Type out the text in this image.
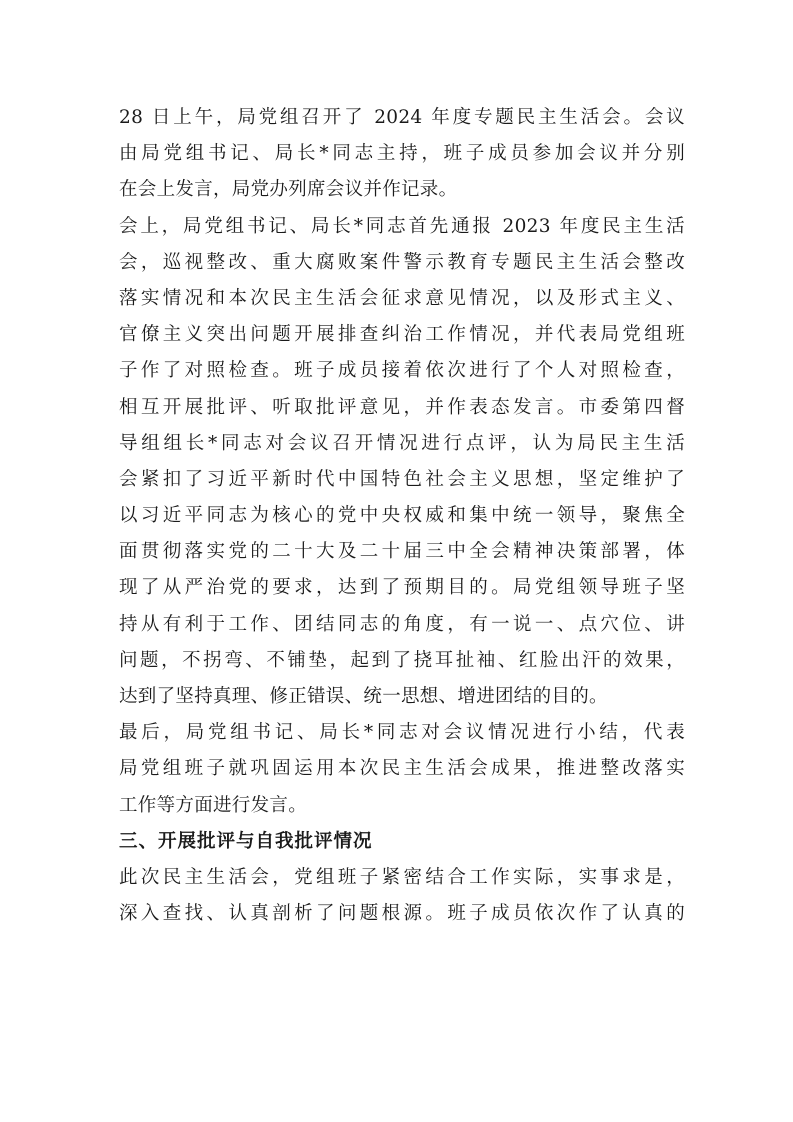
28 日上午，局党组召开了 2024 年度专题民主生活会。会议
由局党组书记、局长*同志主持，班子成员参加会议并分别
在会上发言，局党办列席会议并作记录。
会上，局党组书记、局长*同志首先通报 2023 年度民主生活
会，巡视整改、重大腐败案件警示教育专题民主生活会整改
落实情况和本次民主生活会征求意见情况，以及形式主义、
官僚主义突出问题开展排查纠治工作情况，并代表局党组班
子作了对照检查。班子成员接着依次进行了个人对照检查，
相互开展批评、听取批评意见，并作表态发言。市委第四督
导组组长*同志对会议召开情况进行点评，认为局民主生活
会紧扣了习近平新时代中国特色社会主义思想，坚定维护了
以习近平同志为核心的党中央权威和集中统一领导，聚焦全
面贯彻落实党的二十大及二十届三中全会精神决策部署，体
现了从严治党的要求，达到了预期目的。局党组领导班子坚
持从有利于工作、团结同志的角度，有一说一、点穴位、讲
问题，不拐弯、不铺垫，起到了挠耳扯袖、红脸出汗的效果，
达到了坚持真理、修正错误、统一思想、增进团结的目的。
最后，局党组书记、局长*同志对会议情况进行小结，代表
局党组班子就巩固运用本次民主生活会成果，推进整改落实
工作等方面进行发言。
三、开展批评与自我批评情况
此次民主生活会，党组班子紧密结合工作实际，实事求是，
深入查找、认真剖析了问题根源。班子成员依次作了认真的
